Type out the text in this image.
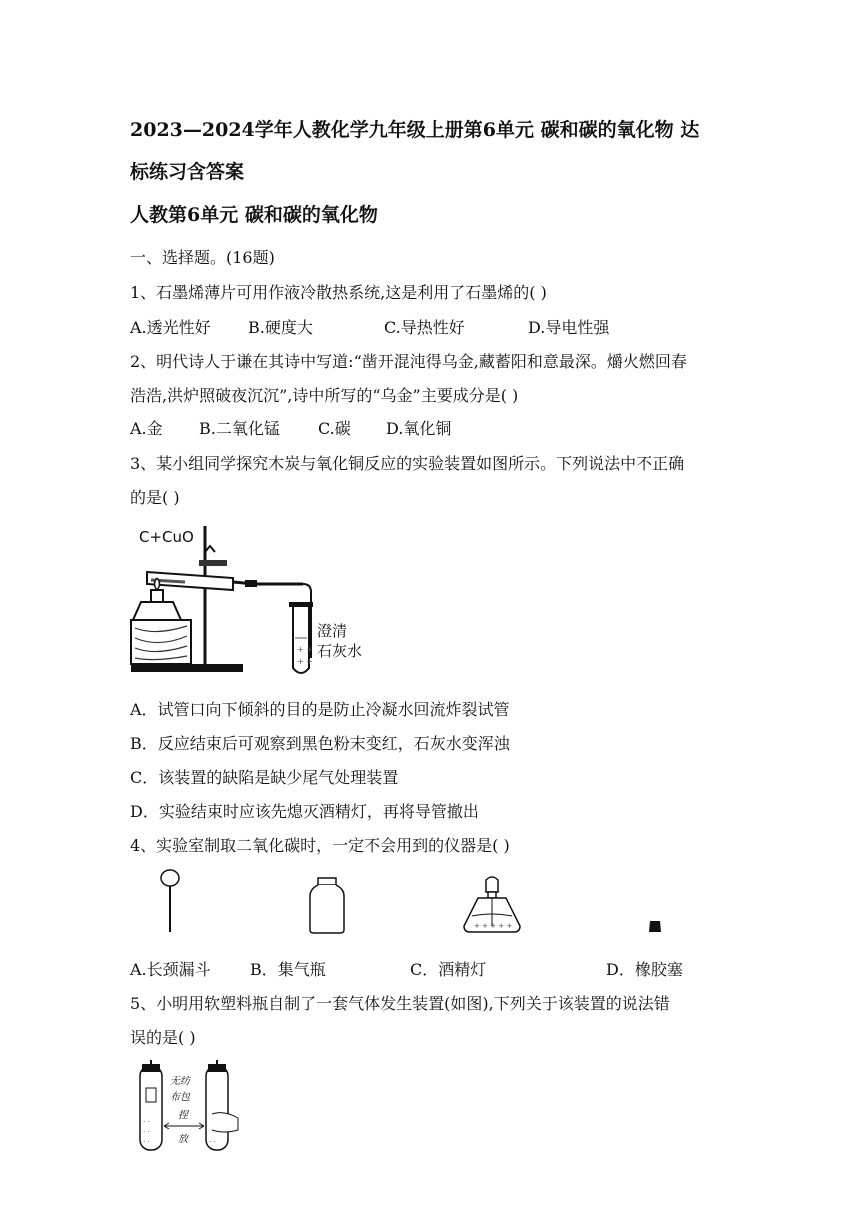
2023—2024学年人教化学九年级上册第6单元 碳和碳的氧化物 达
标练习含答案
人教第6单元 碳和碳的氧化物
一、选择题。(16题)
1、石墨烯薄片可用作液冷散热系统,这是利用了石墨烯的( )
A.透光性好 B.硬度大	C.导热性好	D.导电性强
2、明代诗人于谦在其诗中写道:“凿开混沌得乌金,藏蓄阳和意最深。爝火燃回春
浩浩,洪炉照破夜沉沉”,诗中所写的“乌金”主要成分是( )
A.金 B.二氧化锰 C.碳 D.氧化铜
3、某小组同学探究木炭与氧化铜反应的实验装置如图所示。下列说法中不正确
的是( )
C+CuO
+ +
+ +
澄清
石灰水
A．试管口向下倾斜的目的是防止冷凝水回流炸裂试管
B．反应结束后可观察到黑色粉末变红，石灰水变浑浊
C．该装置的缺陷是缺少尾气处理装置
D．实验结束时应该先熄灭酒精灯，再将导管撤出
4、实验室制取二氧化碳时，一定不会用到的仪器是( )
+ + + + +
A.长颈漏斗 B．集气瓶	C．酒精灯	D．橡胶塞
5、小明用软塑料瓶自制了一套气体发生装置(如图),下列关于该装置的说法错
误的是( )
. .
. .
. .	. .
无纺
布包
捏
放
